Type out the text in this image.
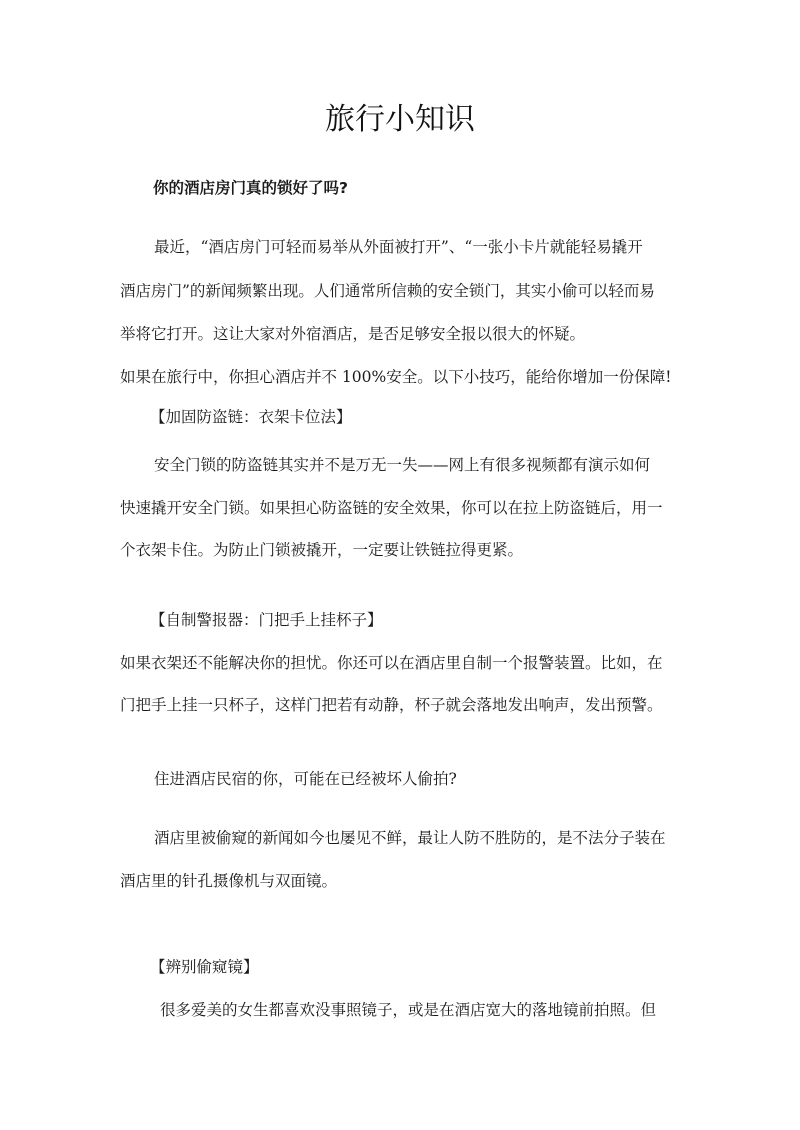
旅行小知识

你的酒店房门真的锁好了吗?

最近，“酒店房门可轻而易举从外面被打开”、“一张小卡片就能轻易撬开

酒店房门”的新闻频繁出现。人们通常所信赖的安全锁门，其实小偷可以轻而易

举将它打开。这让大家对外宿酒店，是否足够安全报以很大的怀疑。

如果在旅行中，你担心酒店并不 100%安全。以下小技巧，能给你增加一份保障!

【加固防盗链：衣架卡位法】

安全门锁的防盗链其实并不是万无一失——网上有很多视频都有演示如何

快速撬开安全门锁。如果担心防盗链的安全效果，你可以在拉上防盗链后，用一

个衣架卡住。为防止门锁被撬开，一定要让铁链拉得更紧。

【自制警报器：门把手上挂杯子】

如果衣架还不能解决你的担忧。你还可以在酒店里自制一个报警装置。比如，在

门把手上挂一只杯子，这样门把若有动静，杯子就会落地发出响声，发出预警。

住进酒店民宿的你，可能在已经被坏人偷拍?

酒店里被偷窥的新闻如今也屡见不鲜，最让人防不胜防的，是不法分子装在

酒店里的针孔摄像机与双面镜。

【辨别偷窥镜】

很多爱美的女生都喜欢没事照镜子，或是在酒店宽大的落地镜前拍照。但
